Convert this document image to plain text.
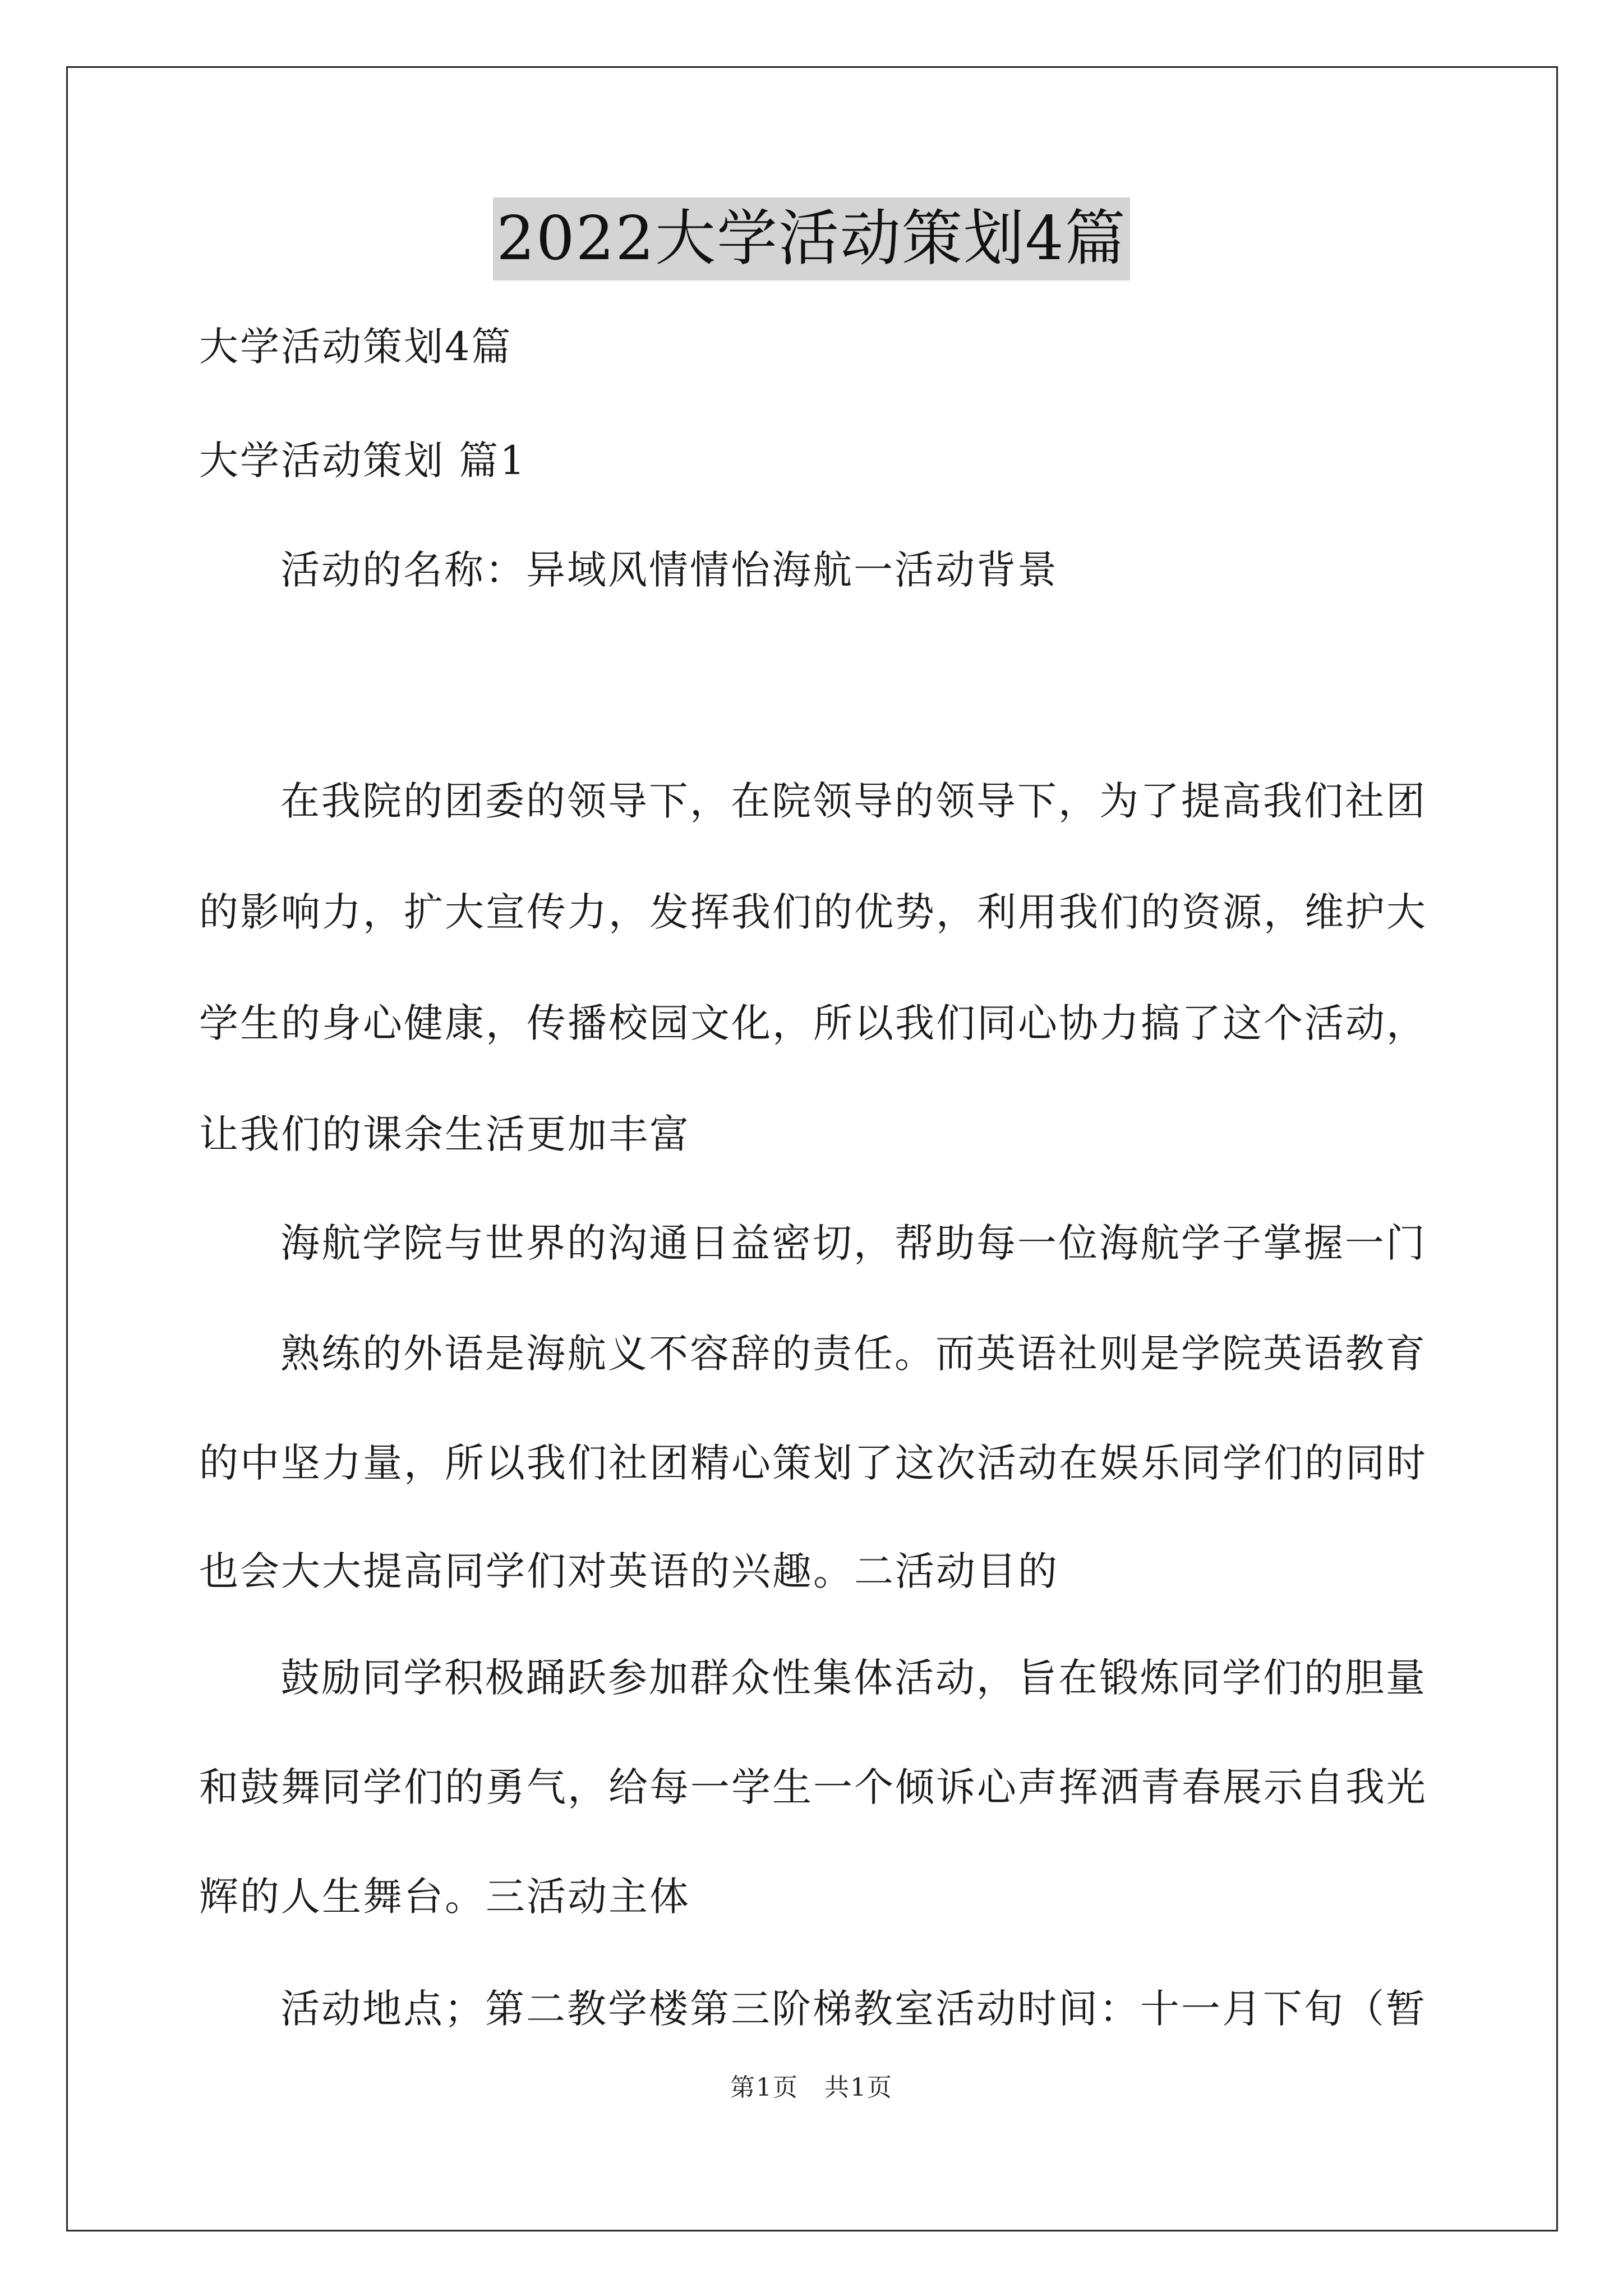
2022大学活动策划4篇
大学活动策划4篇
大学活动策划 篇1
活动的名称：异域风情情怡海航一活动背景
在我院的团委的领导下，在院领导的领导下，为了提高我们社团
的影响力，扩大宣传力，发挥我们的优势，利用我们的资源，维护大
学生的身心健康，传播校园文化，所以我们同心协力搞了这个活动，
让我们的课余生活更加丰富
海航学院与世界的沟通日益密切，帮助每一位海航学子掌握一门
熟练的外语是海航义不容辞的责任。而英语社则是学院英语教育
的中坚力量，所以我们社团精心策划了这次活动在娱乐同学们的同时
也会大大提高同学们对英语的兴趣。二活动目的
鼓励同学积极踊跃参加群众性集体活动，旨在锻炼同学们的胆量
和鼓舞同学们的勇气，给每一学生一个倾诉心声挥洒青春展示自我光
辉的人生舞台。三活动主体
活动地点；第二教学楼第三阶梯教室活动时间：十一月下旬（暂
第1页　共1页
